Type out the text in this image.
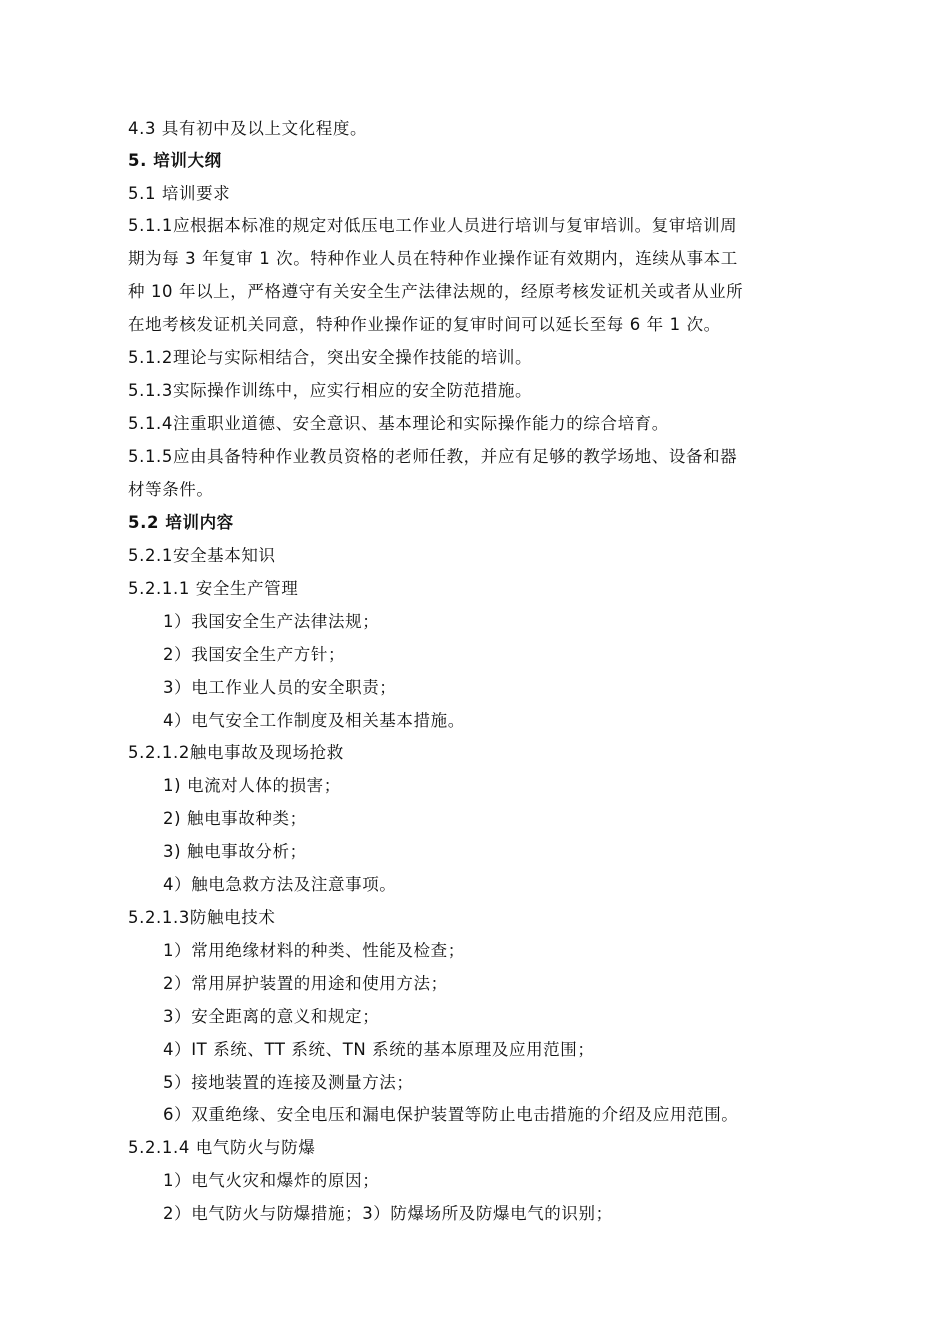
4.3 具有初中及以上文化程度。
5. 培训大纲
5.1 培训要求
5.1.1应根据本标准的规定对低压电工作业人员进行培训与复审培训。复审培训周
期为每 3 年复审 1 次。特种作业人员在特种作业操作证有效期内，连续从事本工
种 10 年以上，严格遵守有关安全生产法律法规的，经原考核发证机关或者从业所
在地考核发证机关同意，特种作业操作证的复审时间可以延长至每 6 年 1 次。
5.1.2理论与实际相结合，突出安全操作技能的培训。
5.1.3实际操作训练中，应实行相应的安全防范措施。
5.1.4注重职业道德、安全意识、基本理论和实际操作能力的综合培育。
5.1.5应由具备特种作业教员资格的老师任教，并应有足够的教学场地、设备和器
材等条件。
5.2 培训内容
5.2.1安全基本知识
5.2.1.1 安全生产管理
1）我国安全生产法律法规；
2）我国安全生产方针；
3）电工作业人员的安全职责；
4）电气安全工作制度及相关基本措施。
5.2.1.2触电事故及现场抢救
1) 电流对人体的损害；
2) 触电事故种类；
3) 触电事故分析；
4）触电急救方法及注意事项。
5.2.1.3防触电技术
1）常用绝缘材料的种类、性能及检查；
2）常用屏护装置的用途和使用方法；
3）安全距离的意义和规定；
4）IT 系统、TT 系统、TN 系统的基本原理及应用范围；
5）接地装置的连接及测量方法；
6）双重绝缘、安全电压和漏电保护装置等防止电击措施的介绍及应用范围。
5.2.1.4 电气防火与防爆
1）电气火灾和爆炸的原因；
2）电气防火与防爆措施；3）防爆场所及防爆电气的识别；
